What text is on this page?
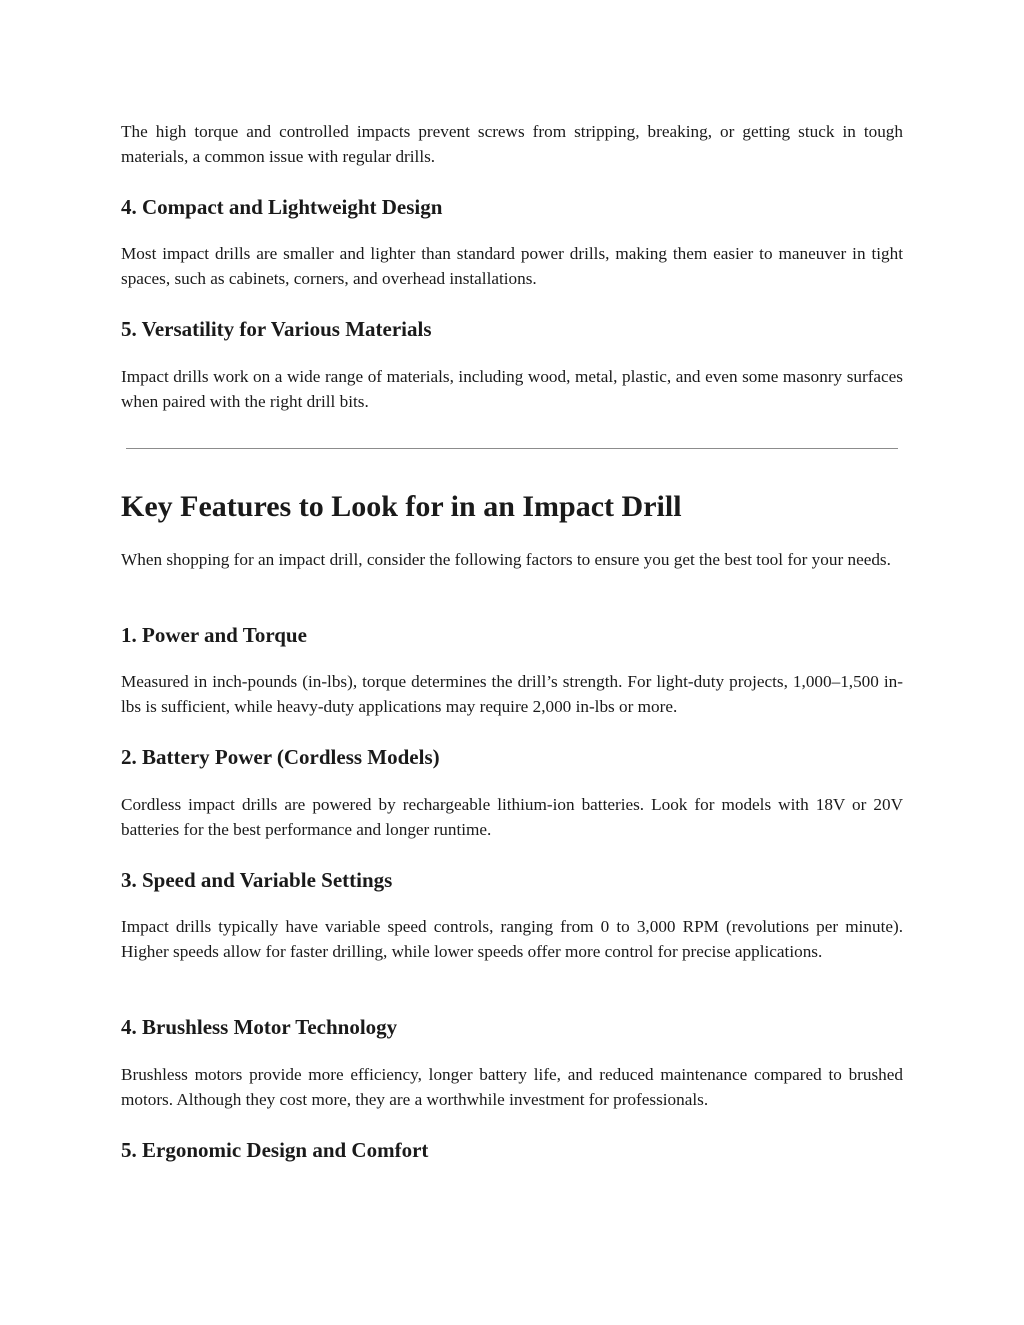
The high torque and controlled impacts prevent screws from stripping, breaking, or getting stuck in tough materials, a common issue with regular drills.

4. Compact and Lightweight Design

Most impact drills are smaller and lighter than standard power drills, making them easier to maneuver in tight spaces, such as cabinets, corners, and overhead installations.

5. Versatility for Various Materials

Impact drills work on a wide range of materials, including wood, metal, plastic, and even some masonry surfaces when paired with the right drill bits.

Key Features to Look for in an Impact Drill

When shopping for an impact drill, consider the following factors to ensure you get the best tool for your needs.

1. Power and Torque

Measured in inch-pounds (in-lbs), torque determines the drill’s strength. For light-duty projects, 1,000–1,500 in-lbs is sufficient, while heavy-duty applications may require 2,000 in-lbs or more.

2. Battery Power (Cordless Models)

Cordless impact drills are powered by rechargeable lithium-ion batteries. Look for models with 18V or 20V batteries for the best performance and longer runtime.

3. Speed and Variable Settings

Impact drills typically have variable speed controls, ranging from 0 to 3,000 RPM (revolutions per minute). Higher speeds allow for faster drilling, while lower speeds offer more control for precise applications.

4. Brushless Motor Technology

Brushless motors provide more efficiency, longer battery life, and reduced maintenance compared to brushed motors. Although they cost more, they are a worthwhile investment for professionals.

5. Ergonomic Design and Comfort
